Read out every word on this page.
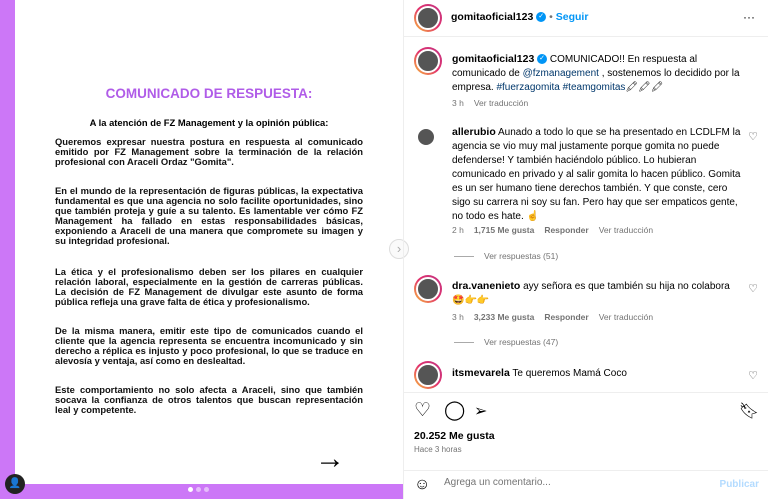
COMUNICADO DE RESPUESTA:
A la atención de FZ Management y la opinión pública:
Queremos expresar nuestra postura en respuesta al comunicado emitido por FZ Management sobre la terminación de la relación profesional con Araceli Ordaz "Gomita".
En el mundo de la representación de figuras públicas, la expectativa fundamental es que una agencia no solo facilite oportunidades, sino que también proteja y guíe a su talento. Es lamentable ver cómo FZ Management ha fallado en estas responsabilidades básicas, exponiendo a Araceli de una manera que compromete su imagen y su integridad profesional.
La ética y el profesionalismo deben ser los pilares en cualquier relación laboral, especialmente en la gestión de carreras públicas. La decisión de FZ Management de divulgar este asunto de forma pública refleja una grave falta de ética y profesionalismo.
De la misma manera, emitir este tipo de comunicados cuando el cliente que la agencia representa se encuentra incomunicado y sin derecho a réplica es injusto y poco profesional, lo que se traduce en alevosía y ventaja, así como en deslealtad.
Este comportamiento no solo afecta a Araceli, sino que también socava la confianza de otros talentos que buscan representación leal y competente.
→
›
👤
gomitaoficial123 ✓ • Seguir	···
gomitaoficial123 ✓ COMUNICADO!! En respuesta al comunicado de @fzmanagement , sostenemos lo decidido por la empresa. #fuerzagomita #teamgomitas🖍🖍🖍
3 h Ver traducción
allerubio Aunado a todo lo que se ha presentado en LCDLFM la agencia se vio muy mal justamente porque gomita no puede defenderse! Y también haciéndolo público. Lo hubieran comunicado en privado y al salir gomita lo hacen público. Gomita es un ser humano tiene derechos también. Y que conste, cero sigo su carrera ni soy su fan. Pero hay que ser empaticos gente, no todo es hate. ☝
♡
2 h 1,715 Me gusta Responder Ver traducción
Ver respuestas (51)
dra.vanenieto ayy señora es que también su hija no colabora 🤩👉👉
♡
3 h 3,233 Me gusta Responder Ver traducción
Ver respuestas (47)
itsmevarela Te queremos Mamá Coco	♡
♡ ◯ ➢	🔖︎
20.252 Me gusta
Hace 3 horas
☺
Agrega un comentario...	Publicar
